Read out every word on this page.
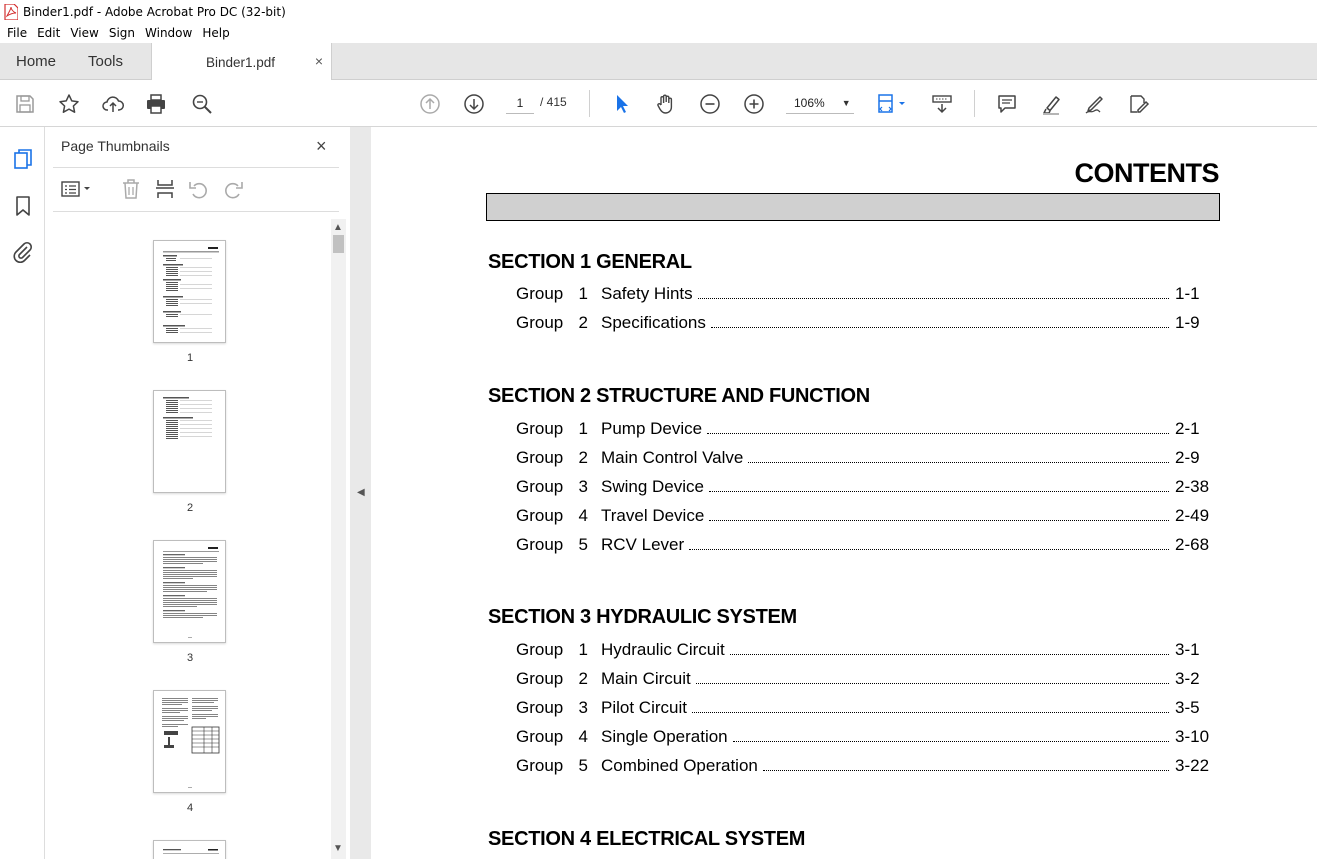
Binder1.pdf - Adobe Acrobat Pro DC (32-bit)
File Edit View Sign Window Help
Home Tools	Binder1.pdf	×
1
/ 415	106% ▼
Page Thumbnails	×
1
2
3
4
▲
▼
◀
CONTENTS
SECTION 1 GENERAL
Group 1 Safety Hints	1-1
Group 2 Specifications	1-9
SECTION 2 STRUCTURE AND FUNCTION
Group 1 Pump Device	2-1
Group 2 Main Control Valve	2-9
Group 3 Swing Device	2-38
Group 4 Travel Device	2-49
Group 5 RCV Lever	2-68
SECTION 3 HYDRAULIC SYSTEM
Group 1 Hydraulic Circuit	3-1
Group 2 Main Circuit	3-2
Group 3 Pilot Circuit	3-5
Group 4 Single Operation	3-10
Group 5 Combined Operation	3-22
SECTION 4 ELECTRICAL SYSTEM
